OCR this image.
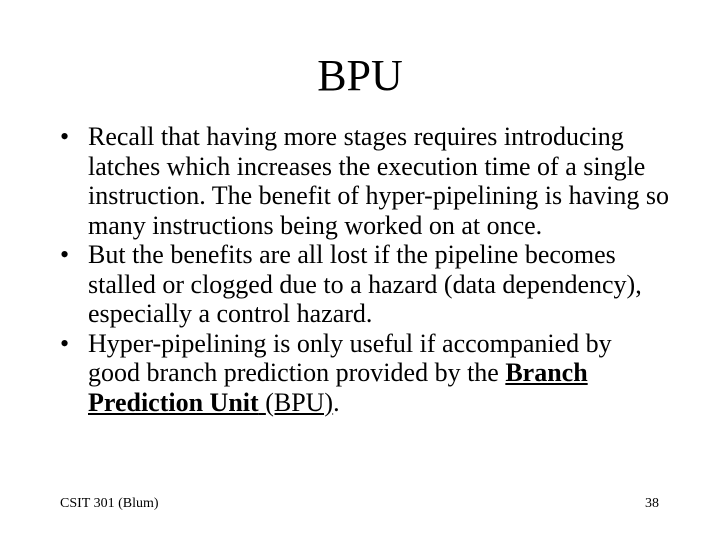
BPU
• Recall that having more stages requires introducing latches which increases the execution time of a single instruction. The benefit of hyper-pipelining is having so many instructions being worked on at once.
• But the benefits are all lost if the pipeline becomes stalled or clogged due to a hazard (data dependency), especially a control hazard.
• Hyper-pipelining is only useful if accompanied by good branch prediction provided by the Branch
Prediction Unit (BPU).
CSIT 301 (Blum)	38
